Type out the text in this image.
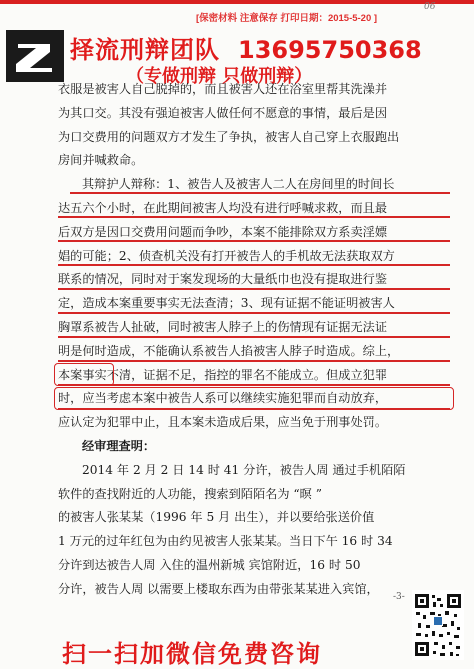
[保密材料 注意保存 打印日期：2015-5-20 ]
06
择流刑辩团队 13695750368
（专做刑辩 只做刑辩）
衣服是被害人自己脱掉的，而且被害人还在浴室里帮其洗澡并
为其口交。其没有强迫被害人做任何不愿意的事情，最后是因
为口交费用的问题双方才发生了争执，被害人自己穿上衣服跑出
房间并喊救命。
其辩护人辩称：1、被告人及被害人二人在房间里的时间长
达五六个小时，在此期间被害人均没有进行呼喊求救，而且最
后双方是因口交费用问题而争吵，本案不能排除双方系卖淫嫖
娼的可能；2、侦查机关没有打开被告人的手机故无法获取双方
联系的情况，同时对于案发现场的大量纸巾也没有提取进行鉴
定，造成本案重要事实无法查清；3、现有证据不能证明被害人
胸罩系被告人扯破，同时被害人脖子上的伤情现有证据无法证
明是何时造成，不能确认系被告人掐被害人脖子时造成。综上，
本案事实不清，证据不足，指控的罪名不能成立。但成立犯罪
时，应当考虑本案中被告人系可以继续实施犯罪而自动放弃，
应认定为犯罪中止，且本案未造成后果，应当免于刑事处罚。
经审理查明：
2014 年 2 月 2 日 14 时 41 分许，被告人周 通过手机陌陌
软件的查找附近的人功能，搜索到陌陌名为 “暝 ”
的被害人张某某（1996 年 5 月 出生），并以要给张送价值
1 万元的过年红包为由约见被害人张某某。当日下午 16 时 34
分许到达被告人周 入住的温州新城 宾馆附近，16 时 50
分许，被告人周 以需要上楼取东西为由带张某某进入宾馆，
-3-
扫一扫加微信免费咨询
